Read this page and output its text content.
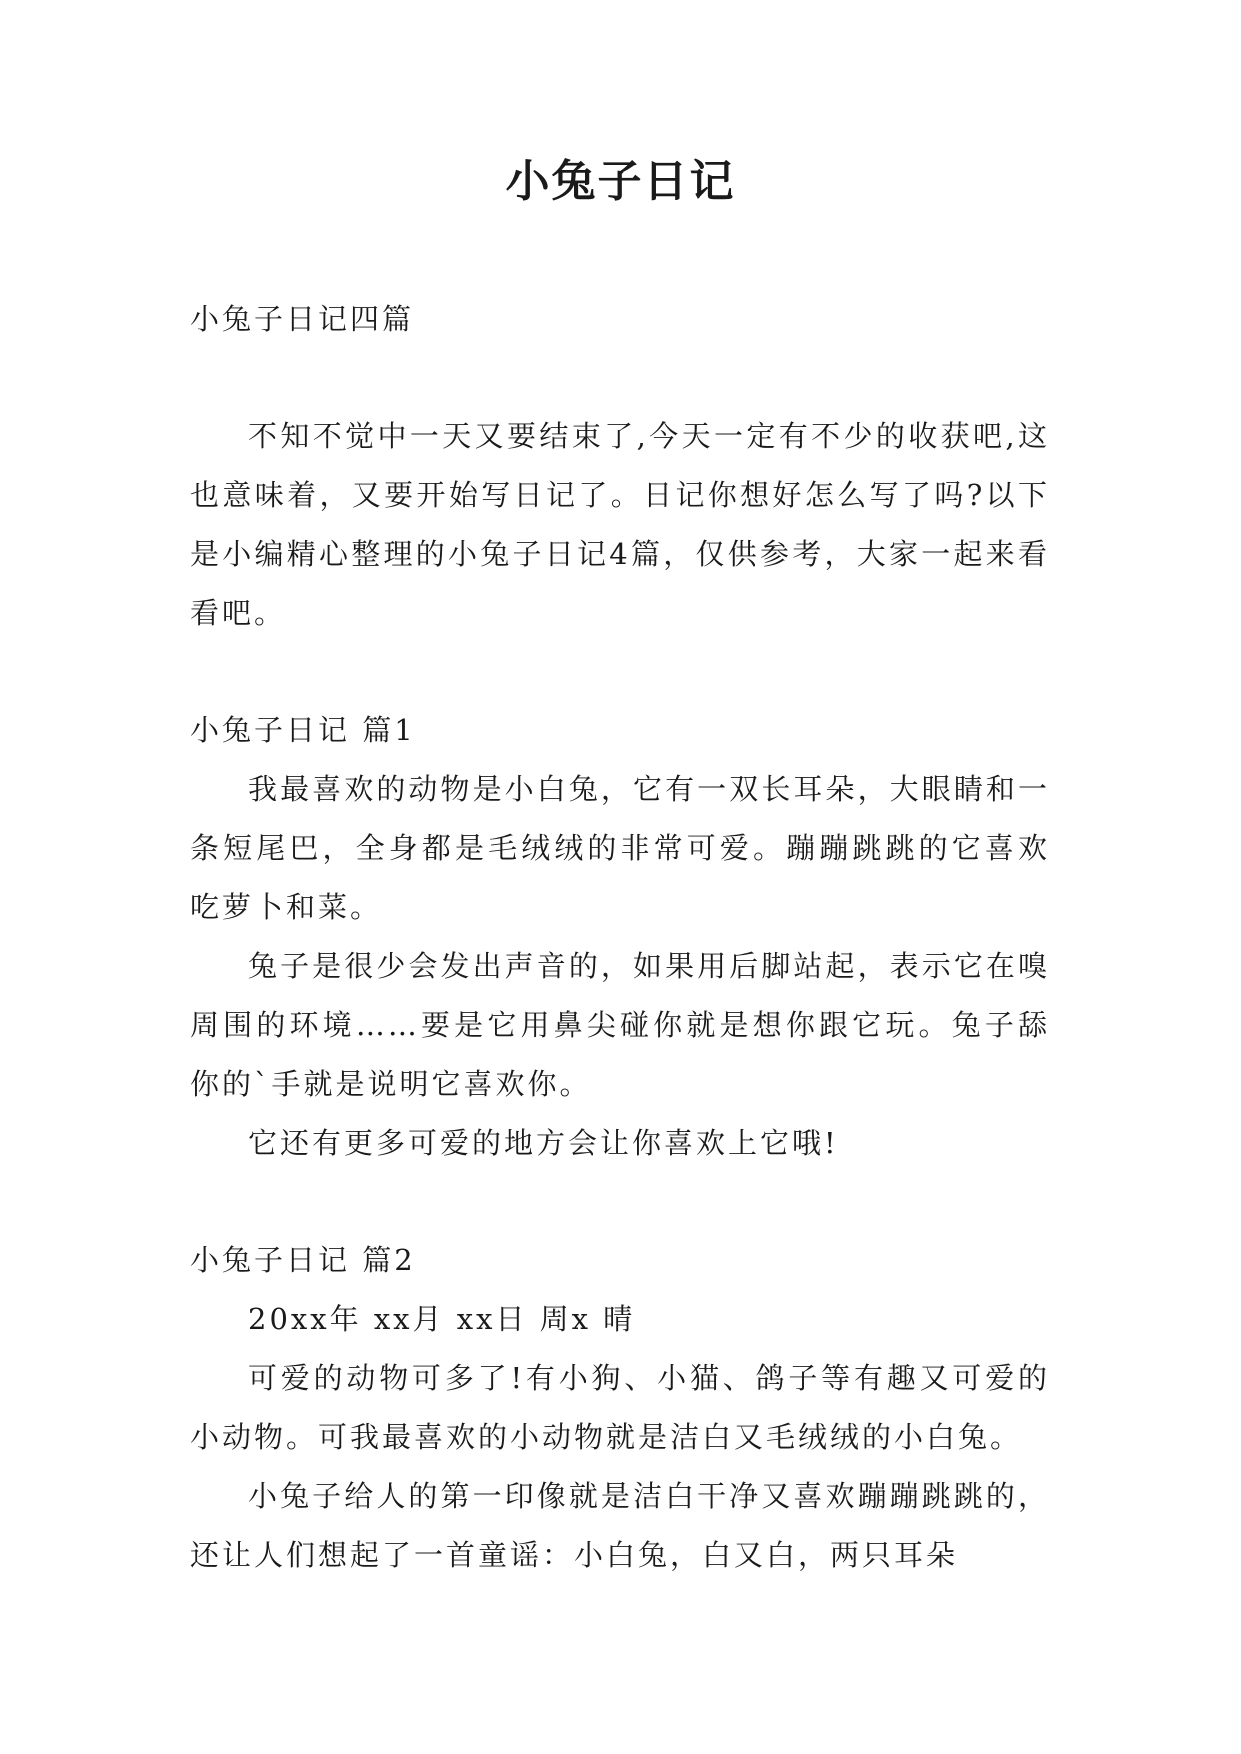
小兔子日记

小兔子日记四篇

不知不觉中一天又要结束了,今天一定有不少的收获吧,这也意味着，又要开始写日记了。日记你想好怎么写了吗?以下是小编精心整理的小兔子日记4篇，仅供参考，大家一起来看看吧。

小兔子日记 篇1

我最喜欢的动物是小白兔，它有一双长耳朵，大眼睛和一条短尾巴，全身都是毛绒绒的非常可爱。蹦蹦跳跳的它喜欢吃萝卜和菜。

兔子是很少会发出声音的，如果用后脚站起，表示它在嗅周围的环境……要是它用鼻尖碰你就是想你跟它玩。兔子舔你的`手就是说明它喜欢你。

它还有更多可爱的地方会让你喜欢上它哦!

小兔子日记 篇2

20xx年 xx月 xx日 周x 晴

可爱的动物可多了!有小狗、小猫、鸽子等有趣又可爱的小动物。可我最喜欢的小动物就是洁白又毛绒绒的小白兔。

小兔子给人的第一印像就是洁白干净又喜欢蹦蹦跳跳的，还让人们想起了一首童谣：小白兔，白又白，两只耳朵
